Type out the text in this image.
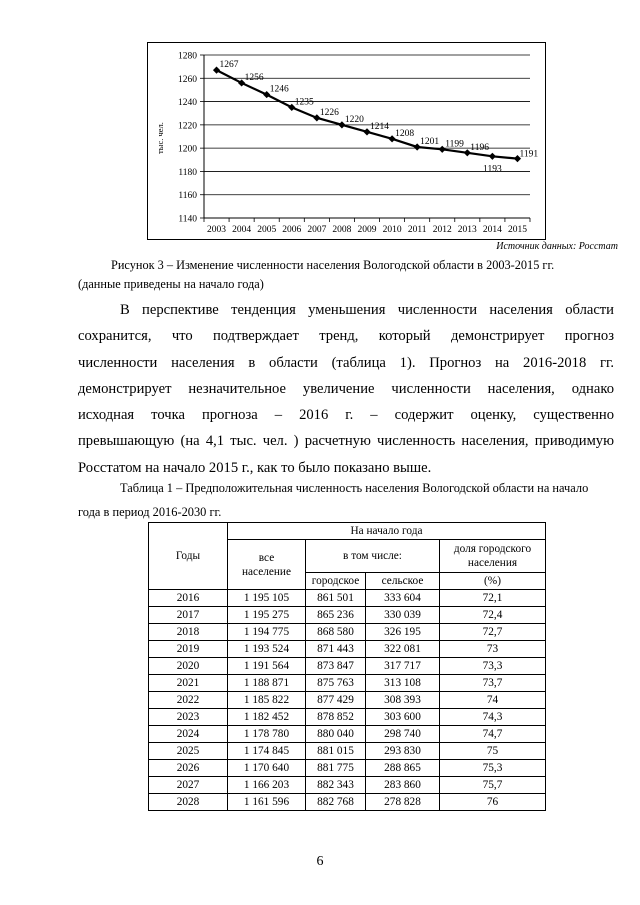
1140
1160
1180
1200
1220
1240
1260
1280
2003 2004 2005 2006 2007 2008 2009 2010 2011 2012 2013 2014 2015
тыс. чел.
1267
1256
1246
1235
1226
1220
1214
1208
1201 1199 1196
1193
1191
Источник данных: Росстат
Рисунок 3 – Изменение численности населения Вологодской области в 2003-2015 гг.
(данные приведены на начало года)
В перспективе тенденция уменьшения численности населения области
сохранится, что подтверждает тренд, который демонстрирует прогноз
численности населения в области (таблица 1). Прогноз на 2016-2018 гг.
демонстрирует незначительное увеличение численности населения, однако
исходная точка прогноза – 2016 г. – содержит оценку, существенно
превышающую (на 4,1 тыс. чел. ) расчетную численность населения, приводимую
Росстатом на начало 2015 г., как то было показано выше.
Таблица 1 – Предположительная численность населения Вологодской области на начало
года в период 2016-2030 гг.
Годы	На начало года			
	все население	в том числе:		доля городского населения
		городское	сельское	(%)
2016	1 195 105	861 501	333 604	72,1
2017	1 195 275	865 236	330 039	72,4
2018	1 194 775	868 580	326 195	72,7
2019	1 193 524	871 443	322 081	73
2020	1 191 564	873 847	317 717	73,3
2021	1 188 871	875 763	313 108	73,7
2022	1 185 822	877 429	308 393	74
2023	1 182 452	878 852	303 600	74,3
2024	1 178 780	880 040	298 740	74,7
2025	1 174 845	881 015	293 830	75
2026	1 170 640	881 775	288 865	75,3
2027	1 166 203	882 343	283 860	75,7
2028	1 161 596	882 768	278 828	76
6
